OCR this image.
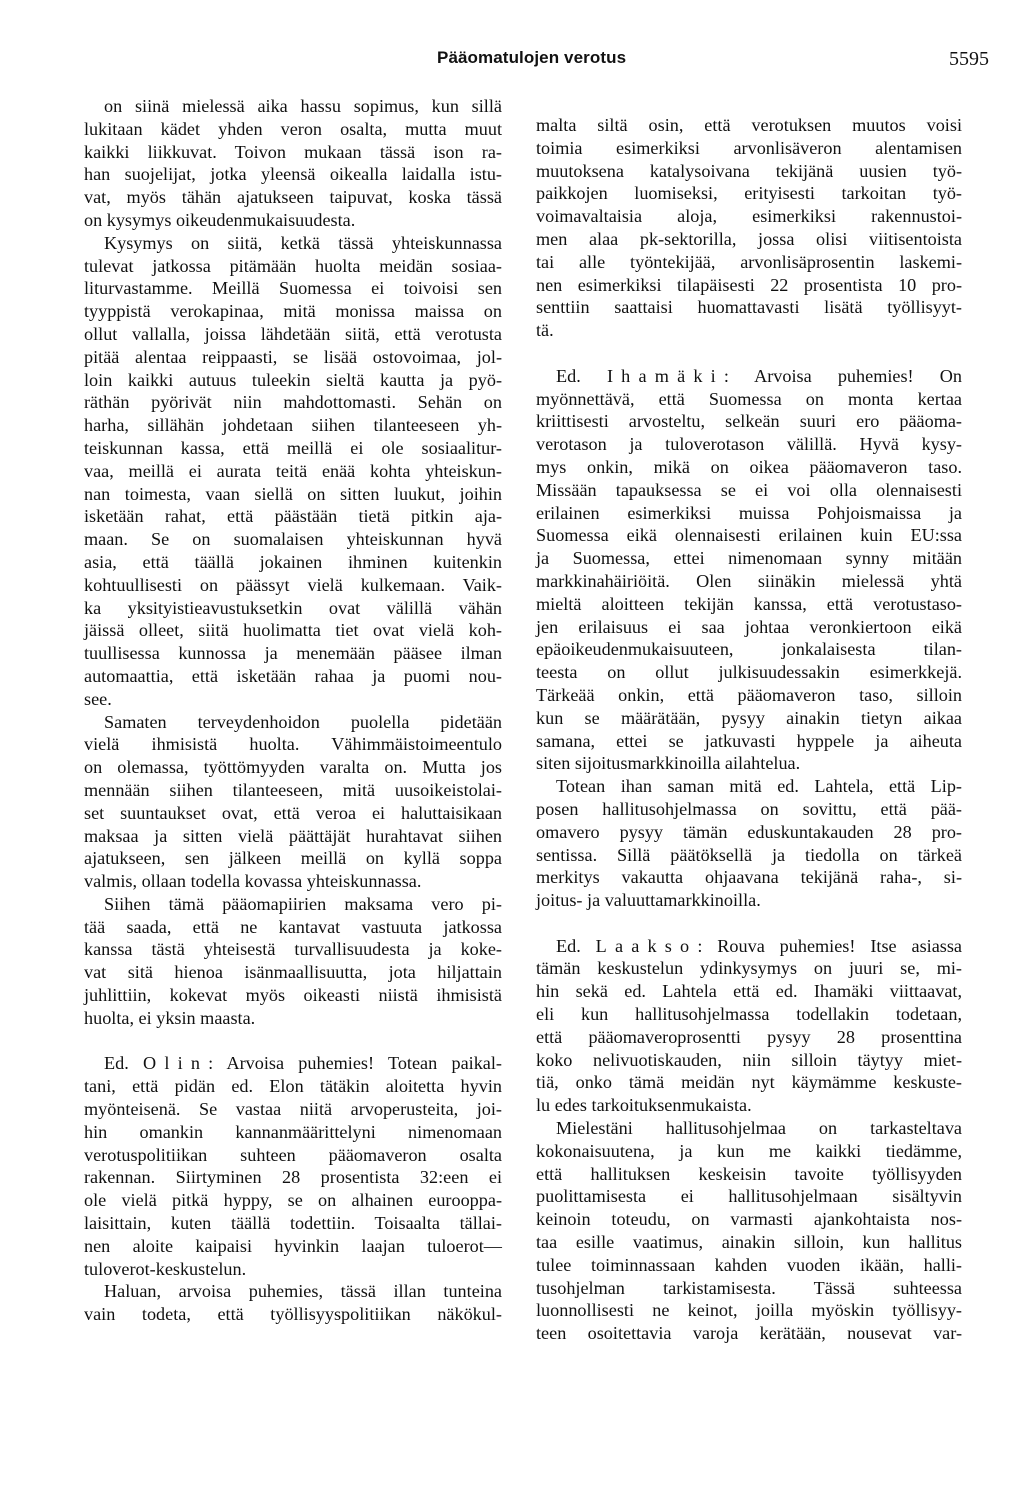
Pääomatulojen verotus	5595
on siinä mielessä aika hassu sopimus, kun sillä
lukitaan kädet yhden veron osalta, mutta muut
kaikki liikkuvat. Toivon mukaan tässä ison ra-
han suojelijat, jotka yleensä oikealla laidalla istu-
vat, myös tähän ajatukseen taipuvat, koska tässä
on kysymys oikeudenmukaisuudesta.
Kysymys on siitä, ketkä tässä yhteiskunnassa
tulevat jatkossa pitämään huolta meidän sosiaa-
liturvastamme. Meillä Suomessa ei toivoisi sen
tyyppistä verokapinaa, mitä monissa maissa on
ollut vallalla, joissa lähdetään siitä, että verotusta
pitää alentaa reippaasti, se lisää ostovoimaa, jol-
loin kaikki autuus tuleekin sieltä kautta ja pyö-
räthän pyörivät niin mahdottomasti. Sehän on
harha, sillähän johdetaan siihen tilanteeseen yh-
teiskunnan kassa, että meillä ei ole sosiaalitur-
vaa, meillä ei aurata teitä enää kohta yhteiskun-
nan toimesta, vaan siellä on sitten luukut, joihin
isketään rahat, että päästään tietä pitkin aja-
maan. Se on suomalaisen yhteiskunnan hyvä
asia, että täällä jokainen ihminen kuitenkin
kohtuullisesti on päässyt vielä kulkemaan. Vaik-
ka yksityistieavustuksetkin ovat välillä vähän
jäissä olleet, siitä huolimatta tiet ovat vielä koh-
tuullisessa kunnossa ja menemään pääsee ilman
automaattia, että isketään rahaa ja puomi nou-
see.
Samaten terveydenhoidon puolella pidetään
vielä ihmisistä huolta. Vähimmäistoimeentulo
on olemassa, työttömyyden varalta on. Mutta jos
mennään siihen tilanteeseen, mitä uusoikeistolai-
set suuntaukset ovat, että veroa ei haluttaisikaan
maksaa ja sitten vielä päättäjät hurahtavat siihen
ajatukseen, sen jälkeen meillä on kyllä soppa
valmis, ollaan todella kovassa yhteiskunnassa.
Siihen tämä pääomapiirien maksama vero pi-
tää saada, että ne kantavat vastuuta jatkossa
kanssa tästä yhteisestä turvallisuudesta ja koke-
vat sitä hienoa isänmaallisuutta, jota hiljattain
juhlittiin, kokevat myös oikeasti niistä ihmisistä
huolta, ei yksin maasta.
Ed. Olin: Arvoisa puhemies! Totean paikal-
tani, että pidän ed. Elon tätäkin aloitetta hyvin
myönteisenä. Se vastaa niitä arvoperusteita, joi-
hin omankin kannanmäärittelyni nimenomaan
verotuspolitiikan suhteen pääomaveron osalta
rakennan. Siirtyminen 28 prosentista 32:een ei
ole vielä pitkä hyppy, se on alhainen eurooppa-
laisittain, kuten täällä todettiin. Toisaalta tällai-
nen aloite kaipaisi hyvinkin laajan tuloerot—
tuloverot-keskustelun.
Haluan, arvoisa puhemies, tässä illan tunteina
vain todeta, että työllisyyspolitiikan näkökul-
malta siltä osin, että verotuksen muutos voisi
toimia esimerkiksi arvonlisäveron alentamisen
muutoksena katalysoivana tekijänä uusien työ-
paikkojen luomiseksi, erityisesti tarkoitan työ-
voimavaltaisia aloja, esimerkiksi rakennustoi-
men alaa pk-sektorilla, jossa olisi viitisentoista
tai alle työntekijää, arvonlisäprosentin laskemi-
nen esimerkiksi tilapäisesti 22 prosentista 10 pro-
senttiin saattaisi huomattavasti lisätä työllisyyt-
tä.
Ed. Ihamäki: Arvoisa puhemies! On
myönnettävä, että Suomessa on monta kertaa
kriittisesti arvosteltu, selkeän suuri ero pääoma-
verotason ja tuloverotason välillä. Hyvä kysy-
mys onkin, mikä on oikea pääomaveron taso.
Missään tapauksessa se ei voi olla olennaisesti
erilainen esimerkiksi muissa Pohjoismaissa ja
Suomessa eikä olennaisesti erilainen kuin EU:ssa
ja Suomessa, ettei nimenomaan synny mitään
markkinahäiriöitä. Olen siinäkin mielessä yhtä
mieltä aloitteen tekijän kanssa, että verotustaso-
jen erilaisuus ei saa johtaa veronkiertoon eikä
epäoikeudenmukaisuuteen, jonkalaisesta tilan-
teesta on ollut julkisuudessakin esimerkkejä.
Tärkeää onkin, että pääomaveron taso, silloin
kun se määrätään, pysyy ainakin tietyn aikaa
samana, ettei se jatkuvasti hyppele ja aiheuta
siten sijoitusmarkkinoilla ailahtelua.
Totean ihan saman mitä ed. Lahtela, että Lip-
posen hallitusohjelmassa on sovittu, että pää-
omavero pysyy tämän eduskuntakauden 28 pro-
sentissa. Sillä päätöksellä ja tiedolla on tärkeä
merkitys vakautta ohjaavana tekijänä raha-, si-
joitus- ja valuuttamarkkinoilla.
Ed. Laakso: Rouva puhemies! Itse asiassa
tämän keskustelun ydinkysymys on juuri se, mi-
hin sekä ed. Lahtela että ed. Ihamäki viittaavat,
eli kun hallitusohjelmassa todellakin todetaan,
että pääomaveroprosentti pysyy 28 prosenttina
koko nelivuotiskauden, niin silloin täytyy miet-
tiä, onko tämä meidän nyt käymämme keskuste-
lu edes tarkoituksenmukaista.
Mielestäni hallitusohjelmaa on tarkasteltava
kokonaisuutena, ja kun me kaikki tiedämme,
että hallituksen keskeisin tavoite työllisyyden
puolittamisesta ei hallitusohjelmaan sisältyvin
keinoin toteudu, on varmasti ajankohtaista nos-
taa esille vaatimus, ainakin silloin, kun hallitus
tulee toiminnassaan kahden vuoden ikään, halli-
tusohjelman tarkistamisesta. Tässä suhteessa
luonnollisesti ne keinot, joilla myöskin työllisyy-
teen osoitettavia varoja kerätään, nousevat var-
